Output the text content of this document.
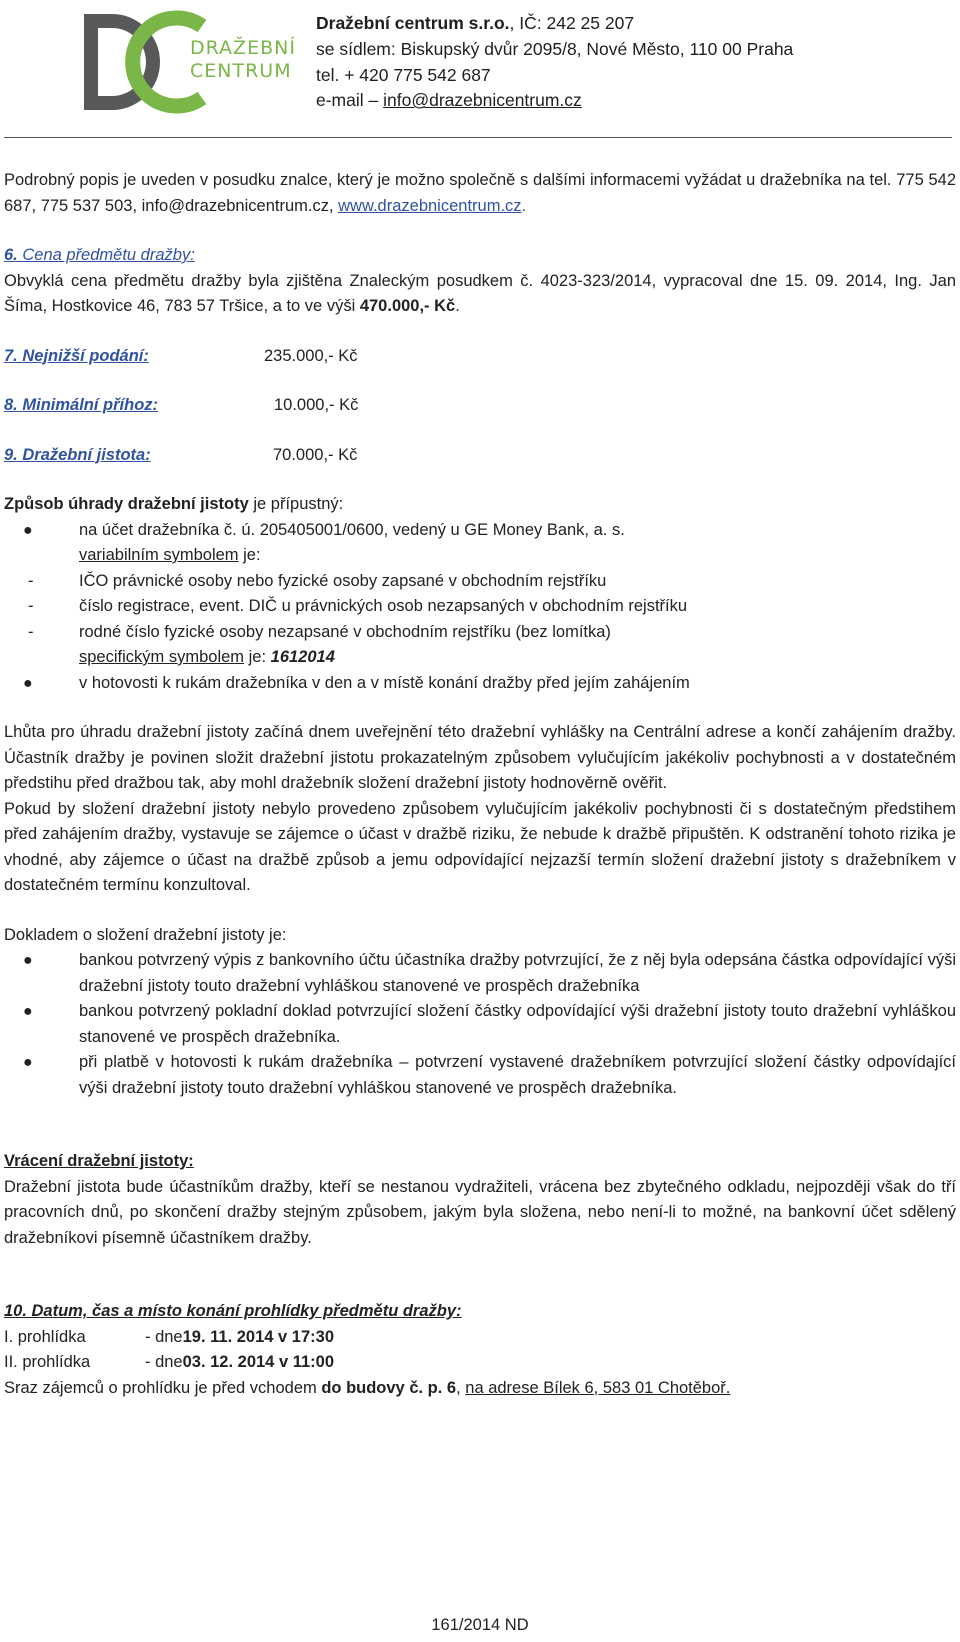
DRAŽEBNÍ
CENTRUM
Dražební centrum s.r.o., IČ: 242 25 207
se sídlem: Biskupský dvůr 2095/8, Nové Město, 110 00 Praha
tel. + 420 775 542 687
e-mail – info@drazebnicentrum.cz

Podrobný popis je uveden v posudku znalce, který je možno společně s dalšími informacemi vyžádat u dražebníka na tel. 775 542 687, 775 537 503, info@drazebnicentrum.cz, www.drazebnicentrum.cz.

6. Cena předmětu dražby:

Obvyklá cena předmětu dražby byla zjištěna Znaleckým posudkem č. 4023-323/2014, vypracoval dne 15. 09. 2014, Ing. Jan Šíma, Hostkovice 46, 783 57 Tršice, a to ve výši 470.000,- Kč.

7. Nejnižší podání:	235.000,- Kč
8. Minimální příhoz:	10.000,- Kč
9. Dražební jistota:	70.000,- Kč

Způsob úhrady dražební jistoty je přípustný:

●	na účet dražebníka č. ú. 205405001/0600, vedený u GE Money Bank, a. s.
variabilním symbolem je:
-	IČO právnické osoby nebo fyzické osoby zapsané v obchodním rejstříku
-	číslo registrace, event. DIČ u právnických osob nezapsaných v obchodním rejstříku
-	rodné číslo fyzické osoby nezapsané v obchodním rejstříku (bez lomítka)
specifickým symbolem je: 1612014
●	v hotovosti k rukám dražebníka v den a v místě konání dražby před jejím zahájením

Lhůta pro úhradu dražební jistoty začíná dnem uveřejnění této dražební vyhlášky na Centrální adrese a končí zahájením dražby. Účastník dražby je povinen složit dražební jistotu prokazatelným způsobem vylučujícím jakékoliv pochybnosti a v dostatečném předstihu před dražbou tak, aby mohl dražebník složení dražební jistoty hodnověrně ověřit.

Pokud by složení dražební jistoty nebylo provedeno způsobem vylučujícím jakékoliv pochybnosti či s dostatečným předstihem před zahájením dražby, vystavuje se zájemce o účast v dražbě riziku, že nebude k dražbě připuštěn. K odstranění tohoto rizika je vhodné, aby zájemce o účast na dražbě způsob a jemu odpovídající nejzazší termín složení dražební jistoty s dražebníkem v dostatečném termínu konzultoval.

Dokladem o složení dražební jistoty je:

●	bankou potvrzený výpis z bankovního účtu účastníka dražby potvrzující, že z něj byla odepsána částka odpovídající výši dražební jistoty touto dražební vyhláškou stanovené ve prospěch dražebníka
●	bankou potvrzený pokladní doklad potvrzující složení částky odpovídající výši dražební jistoty touto dražební vyhláškou stanovené ve prospěch dražebníka.
●	při platbě v hotovosti k rukám dražebníka – potvrzení vystavené dražebníkem potvrzující složení částky odpovídající výši dražební jistoty touto dražební vyhláškou stanovené ve prospěch dražebníka.

Vrácení dražební jistoty:

Dražební jistota bude účastníkům dražby, kteří se nestanou vydražiteli, vrácena bez zbytečného odkladu, nejpozději však do tří pracovních dnů, po skončení dražby stejným způsobem, jakým byla složena, nebo není-li to možné, na bankovní účet sdělený dražebníkovi písemně účastníkem dražby.

10. Datum, čas a místo konání prohlídky předmětu dražby:

I. prohlídka	- dne 19. 11. 2014 v 17:30
II. prohlídka	- dne 03. 12. 2014 v 11:00

Sraz zájemců o prohlídku je před vchodem do budovy č. p. 6, na adrese Bílek 6, 583 01 Chotěboř.

161/2014 ND
